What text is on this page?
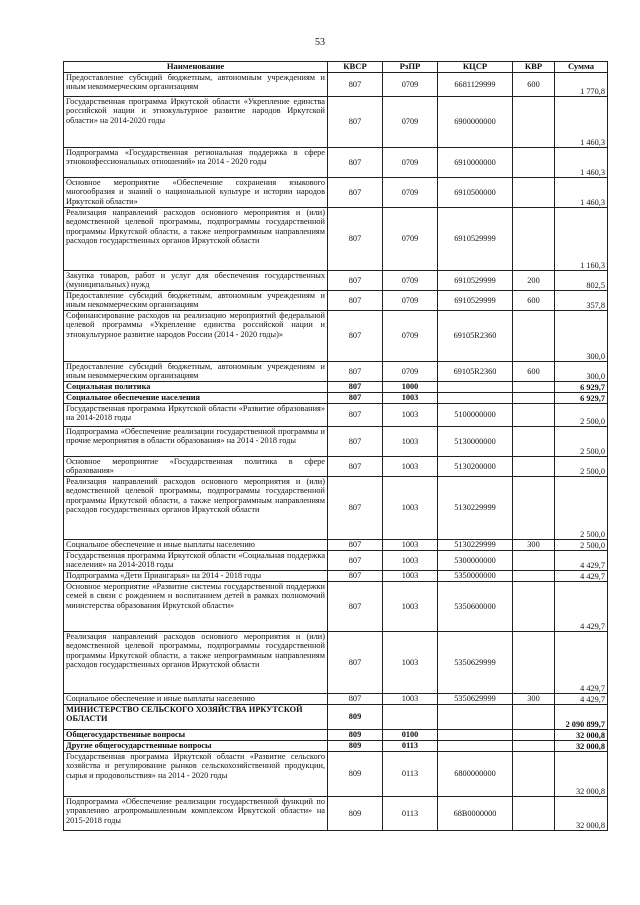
53
Наименование	КВСР	РзПР	КЦСР	КВР	Сумма
Предоставление субсидий бюджетным, автономным учреждениям и иным некоммерческим организациям	807	0709	6681129999	600	1 770,8
Государственная программа Иркутской области «Укрепление единства российской нации и этнокультурное развитие народов Иркутской области» на 2014-2020 годы	807	0709	6900000000		1 460,3
Подпрограмма «Государственная региональная поддержка в сфере этноконфессиональных отношений» на 2014 - 2020 годы	807	0709	6910000000		1 460,3
Основное мероприятие «Обеспечение сохранения языкового многообразия и знаний о национальной культуре и истории народов Иркутской области»	807	0709	6910500000		1 460,3
Реализация направлений расходов основного мероприятия и (или) ведомственной целевой программы, подпрограммы государственной программы Иркутской области, а также непрограммным направлениям расходов государственных органов Иркутской области	807	0709	6910529999		1 160,3
Закупка товаров, работ и услуг для обеспечения государственных (муниципальных) нужд	807	0709	6910529999	200	802,5
Предоставление субсидий бюджетным, автономным учреждениям и иным некоммерческим организациям	807	0709	6910529999	600	357,8
Софинансирование расходов на реализацию мероприятий федеральной целевой программы «Укрепление единства российской нации и этнокультурное развитие народов России (2014 - 2020 годы)»	807	0709	69105R2360		300,0
Предоставление субсидий бюджетным, автономным учреждениям и иным некоммерческим организациям	807	0709	69105R2360	600	300,0
Социальная политика	807	1000			6 929,7
Социальное обеспечение населения	807	1003			6 929,7
Государственная программа Иркутской области «Развитие образования» на 2014-2018 годы	807	1003	5100000000		2 500,0
Подпрограмма «Обеспечение реализации государственной программы и прочие мероприятия в области образования» на 2014 - 2018 годы	807	1003	5130000000		2 500,0
Основное мероприятие «Государственная политика в сфере образования»	807	1003	5130200000		2 500,0
Реализация направлений расходов основного мероприятия и (или) ведомственной целевой программы, подпрограммы государственной программы Иркутской области, а также непрограммным направлениям расходов государственных органов Иркутской области	807	1003	5130229999		2 500,0
Социальное обеспечение и иные выплаты населению	807	1003	5130229999	300	2 500,0
Государственная программа Иркутской области «Социальная поддержка населения» на 2014-2018 годы	807	1003	5300000000		4 429,7
Подпрограмма «Дети Приангарья» на 2014 - 2018 годы	807	1003	5350000000		4 429,7
Основное мероприятие «Развитие системы государственной поддержки семей в связи с рождением и воспитанием детей в рамках полномочий министерства образования Иркутской области»	807	1003	5350600000		4 429,7
Реализация направлений расходов основного мероприятия и (или) ведомственной целевой программы, подпрограммы государственной программы Иркутской области, а также непрограммным направлениям расходов государственных органов Иркутской области	807	1003	5350629999		4 429,7
Социальное обеспечение и иные выплаты населению	807	1003	5350629999	300	4 429,7
МИНИСТЕРСТВО СЕЛЬСКОГО ХОЗЯЙСТВА ИРКУТСКОЙ ОБЛАСТИ	809				2 090 899,7
Общегосударственные вопросы	809	0100			32 000,8
Другие общегосударственные вопросы	809	0113			32 000,8
Государственная программа Иркутской области «Развитие сельского хозяйства и регулирование рынков сельскохозяйственной продукции, сырья и продовольствия» на 2014 - 2020 годы	809	0113	6800000000		32 000,8
Подпрограмма «Обеспечение реализации государственной функций по управлению агропромышленным комплексом Иркутской области» на 2015-2018 годы	809	0113	68В0000000		32 000,8
